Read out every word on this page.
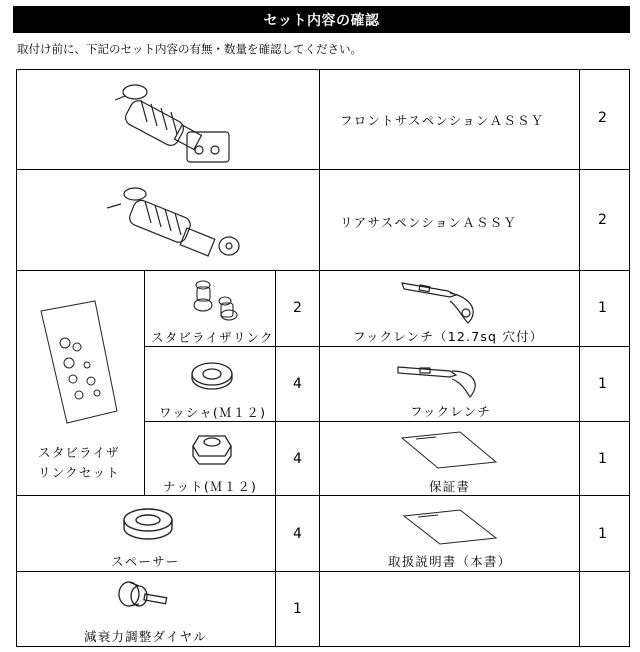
セット内容の確認
取付け前に、下記のセット内容の有無・数量を確認してください。
フロントサスペンションＡＳＳＹ	2
リアサスペンションＡＳＳＹ	2
スタビライザ
リンクセット
スタビライザリンク
2
フックレンチ（12.7sq 穴付）
1
ワッシャ(Ｍ１２)
4
フックレンチ
1
ナット(Ｍ１２)
4
保証書
1
スペーサー
4
取扱説明書（本書）
1
減衰力調整ダイヤル
1
